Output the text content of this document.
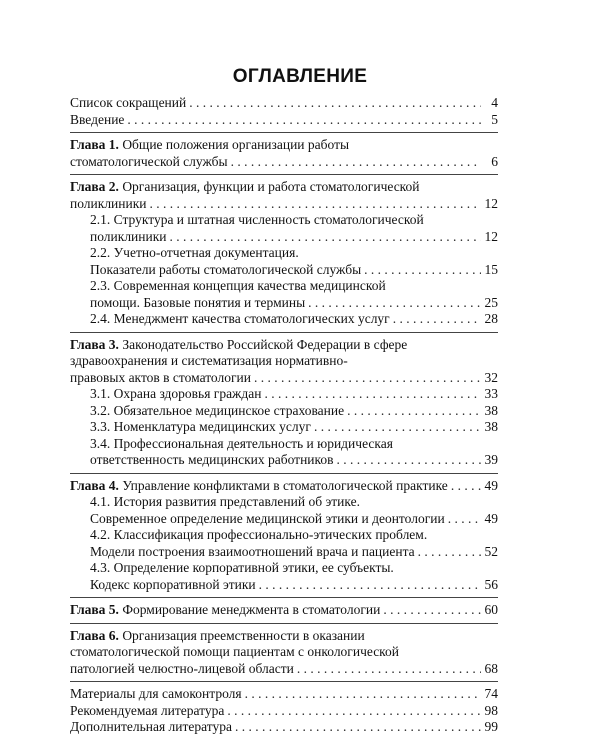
ОГЛАВЛЕНИЕ
Список сокращений . . .	4
Введение . . .	5
Глава 1. Общие положения организации работы
стоматологической службы . . .	6
Глава 2. Организация, функции и работа стоматологической
поликлиники . . .	12
2.1. Структура и штатная численность стоматологической
поликлиники . . .	12
2.2. Учетно-отчетная документация.
Показатели работы стоматологической службы . . .	15
2.3. Современная концепция качества медицинской
помощи. Базовые понятия и термины . . .	25
2.4. Менеджмент качества стоматологических услуг . . .	28
Глава 3. Законодательство Российской Федерации в сфере
здравоохранения и систематизация нормативно-
правовых актов в стоматологии . . .	32
3.1. Охрана здоровья граждан . . .	33
3.2. Обязательное медицинское страхование . . .	38
3.3. Номенклатура медицинских услуг . . .	38
3.4. Профессиональная деятельность и юридическая
ответственность медицинских работников . . .	39
Глава 4. Управление конфликтами в стоматологической практике . . .	49
4.1. История развития представлений об этике.
Современное определение медицинской этики и деонтологии . . .	49
4.2. Классификация профессионально-этических проблем.
Модели построения взаимоотношений врача и пациента . . .	52
4.3. Определение корпоративной этики, ее субъекты.
Кодекс корпоративной этики . . .	56
Глава 5. Формирование менеджмента в стоматологии . . .	60
Глава 6. Организация преемственности в оказании
стоматологической помощи пациентам с онкологической
патологией челюстно-лицевой области . . .	68
Материалы для самоконтроля . . .	74
Рекомендуемая литература . . .	98
Дополнительная литература . . .	99
